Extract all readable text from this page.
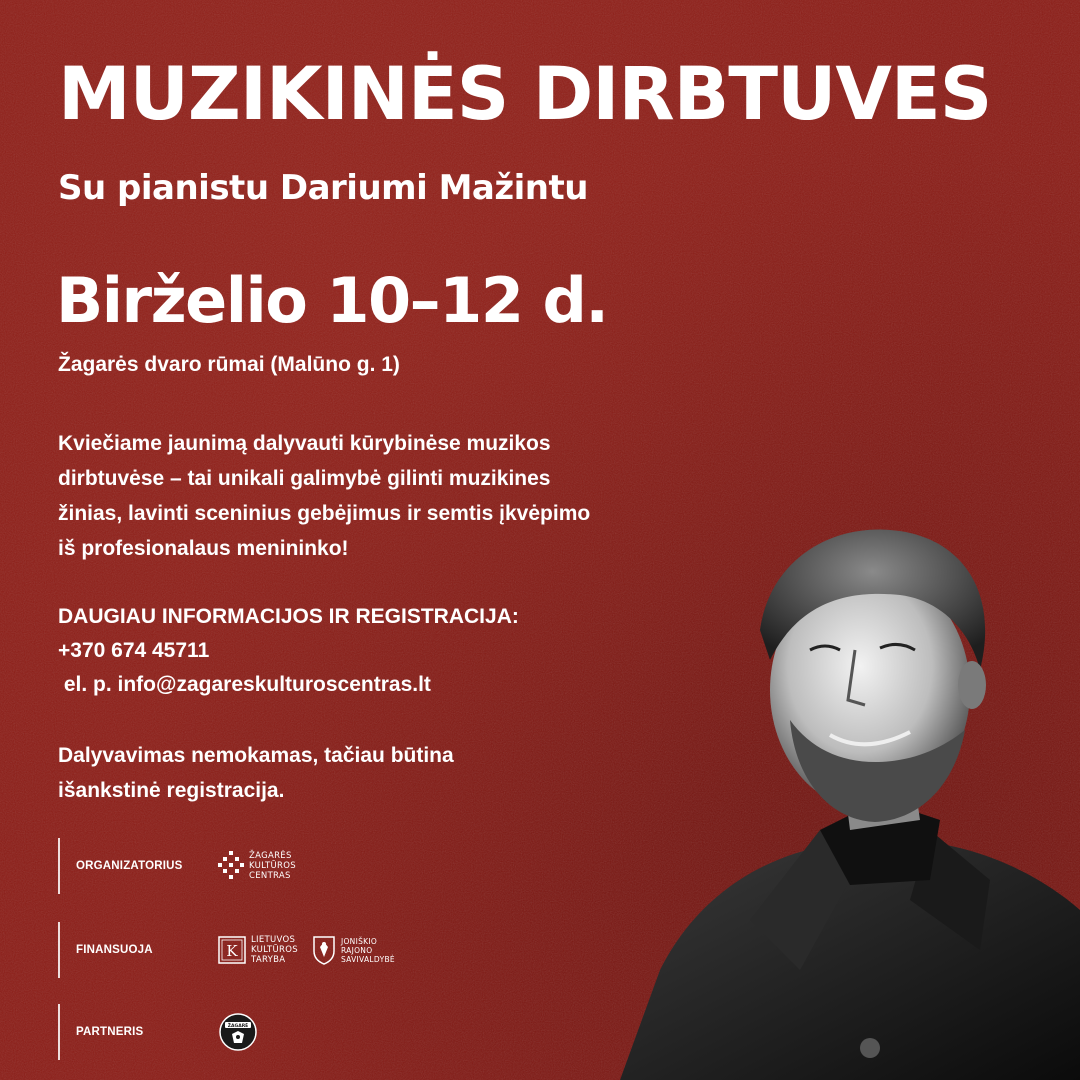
MUZIKINĖS DIRBTUVES
Su pianistu Dariumi Mažintu
Birželio 10–12 d.
Žagarės dvaro rūmai (Malūno g. 1)
Kviečiame jaunimą dalyvauti kūrybinėse muzikos
dirbtuvėse – tai unikali galimybė gilinti muzikines
žinias, lavinti sceninius gebėjimus ir semtis įkvėpimo
iš profesionalaus menininko!
DAUGIAU INFORMACIJOS IR REGISTRACIJA:
+370 674 45711
el. p. info@zagareskulturoscentras.lt
Dalyvavimas nemokamas, tačiau būtina
išankstinė registracija.
ORGANIZATORIUS
ŽAGARĖS
KULTŪROS
CENTRAS
FINANSUOJA	K
LIETUVOS
KULTŪROS
TARYBA
JONIŠKIO
RAJONO
SAVIVALDYBĖ
PARTNERIS	ŽAGARĖ
